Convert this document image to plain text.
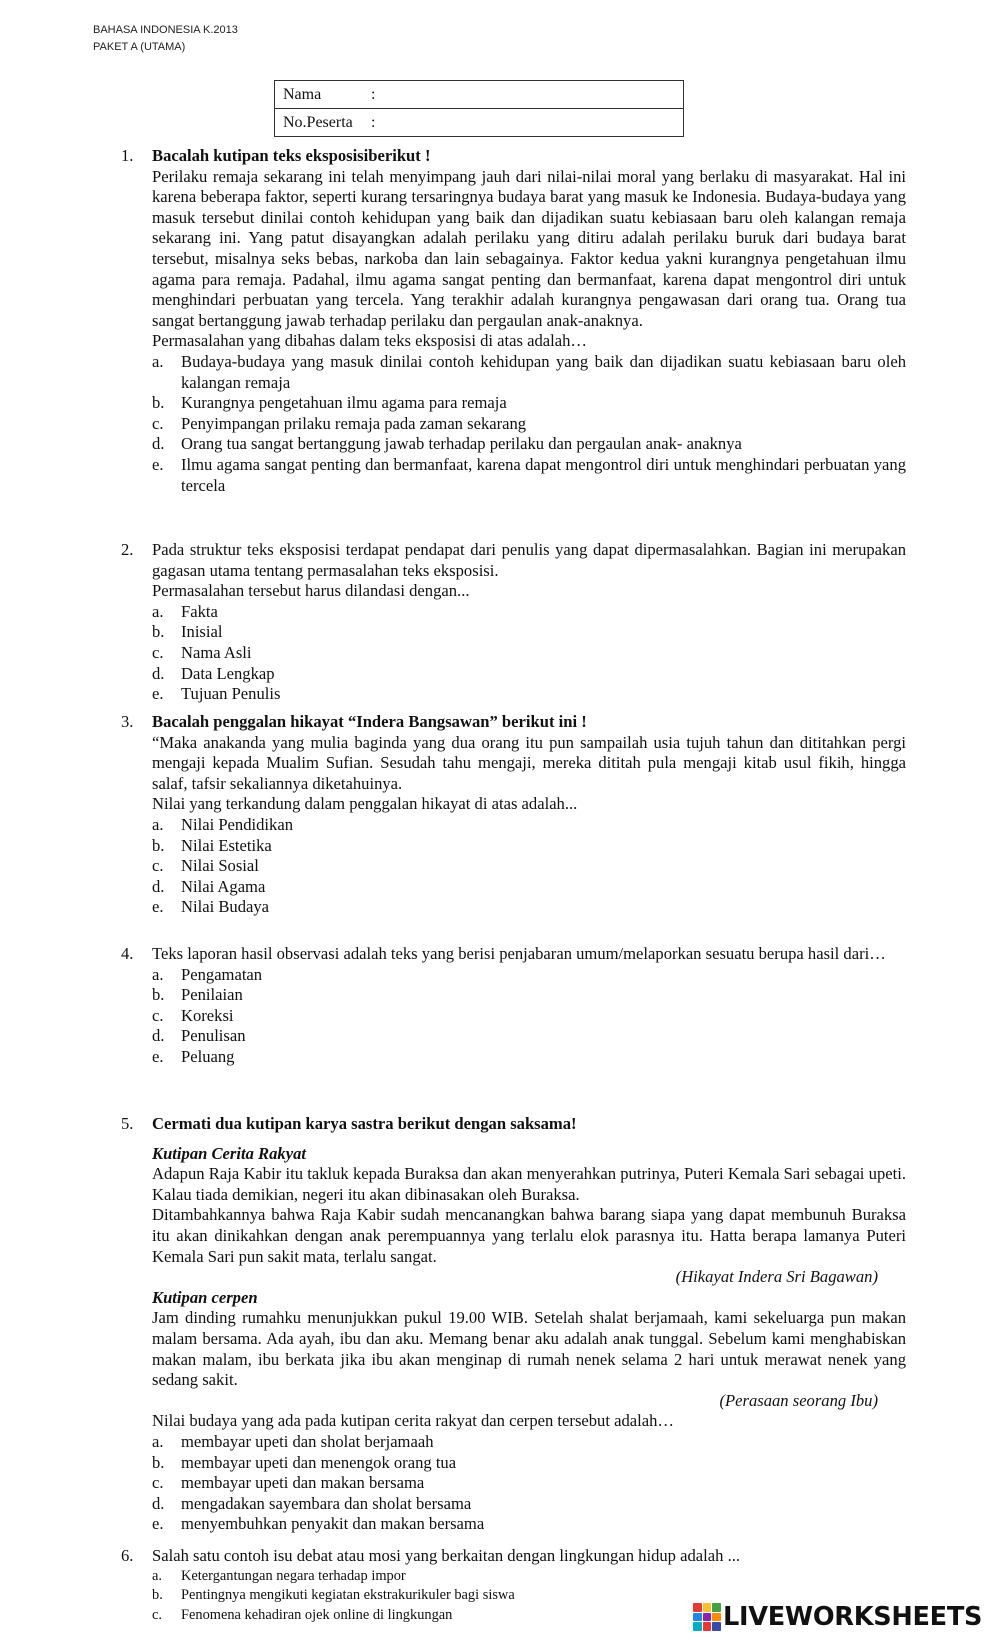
BAHASA INDONESIA K.2013
PAKET A (UTAMA)
Nama	:
No.Peserta :
1. Bacalah kutipan teks eksposisiberikut !

Perilaku remaja sekarang ini telah menyimpang jauh dari nilai-nilai moral yang berlaku di masyarakat. Hal ini karena beberapa faktor, seperti kurang tersaringnya budaya barat yang masuk ke Indonesia. Budaya-budaya yang masuk tersebut dinilai contoh kehidupan yang baik dan dijadikan suatu kebiasaan baru oleh kalangan remaja sekarang ini. Yang patut disayangkan adalah perilaku yang ditiru adalah perilaku buruk dari budaya barat tersebut, misalnya seks bebas, narkoba dan lain sebagainya. Faktor kedua yakni kurangnya pengetahuan ilmu agama para remaja. Padahal, ilmu agama sangat penting dan bermanfaat, karena dapat mengontrol diri untuk menghindari perbuatan yang tercela. Yang terakhir adalah kurangnya pengawasan dari orang tua. Orang tua sangat bertanggung jawab terhadap perilaku dan pergaulan anak-anaknya.

Permasalahan yang dibahas dalam teks eksposisi di atas adalah…

a. Budaya-budaya yang masuk dinilai contoh kehidupan yang baik dan dijadikan suatu kebiasaan baru oleh kalangan remaja
b. Kurangnya pengetahuan ilmu agama para remaja
c. Penyimpangan prilaku remaja pada zaman sekarang
d. Orang tua sangat bertanggung jawab terhadap perilaku dan pergaulan anak- anaknya
e. Ilmu agama sangat penting dan bermanfaat, karena dapat mengontrol diri untuk menghindari perbuatan yang tercela
2. Pada struktur teks eksposisi terdapat pendapat dari penulis yang dapat dipermasalahkan. Bagian ini merupakan gagasan utama tentang permasalahan teks eksposisi.

Permasalahan tersebut harus dilandasi dengan...

a. Fakta
b. Inisial
c. Nama Asli
d. Data Lengkap
e. Tujuan Penulis
3. Bacalah penggalan hikayat “Indera Bangsawan” berikut ini !

“Maka anakanda yang mulia baginda yang dua orang itu pun sampailah usia tujuh tahun dan dititahkan pergi mengaji kepada Mualim Sufian. Sesudah tahu mengaji, mereka dititah pula mengaji kitab usul fikih, hingga salaf, tafsir sekaliannya diketahuinya.

Nilai yang terkandung dalam penggalan hikayat di atas adalah...

a. Nilai Pendidikan
b. Nilai Estetika
c. Nilai Sosial
d. Nilai Agama
e. Nilai Budaya
4. Teks laporan hasil observasi adalah teks yang berisi penjabaran umum/melaporkan sesuatu berupa hasil dari…

a. Pengamatan
b. Penilaian
c. Koreksi
d. Penulisan
e. Peluang
5. Cermati dua kutipan karya sastra berikut dengan saksama!

Kutipan Cerita Rakyat

Adapun Raja Kabir itu takluk kepada Buraksa dan akan menyerahkan putrinya, Puteri Kemala Sari sebagai upeti. Kalau tiada demikian, negeri itu akan dibinasakan oleh Buraksa.

Ditambahkannya bahwa Raja Kabir sudah mencanangkan bahwa barang siapa yang dapat membunuh Buraksa itu akan dinikahkan dengan anak perempuannya yang terlalu elok parasnya itu. Hatta berapa lamanya Puteri Kemala Sari pun sakit mata, terlalu sangat.

(Hikayat Indera Sri Bagawan)

Kutipan cerpen

Jam dinding rumahku menunjukkan pukul 19.00 WIB. Setelah shalat berjamaah, kami sekeluarga pun makan malam bersama. Ada ayah, ibu dan aku. Memang benar aku adalah anak tunggal. Sebelum kami menghabiskan makan malam, ibu berkata jika ibu akan menginap di rumah nenek selama 2 hari untuk merawat nenek yang sedang sakit.

(Perasaan seorang Ibu)

Nilai budaya yang ada pada kutipan cerita rakyat dan cerpen tersebut adalah…

a. membayar upeti dan sholat berjamaah
b. membayar upeti dan menengok orang tua
c. membayar upeti dan makan bersama
d. mengadakan sayembara dan sholat bersama
e. menyembuhkan penyakit dan makan bersama
6. Salah satu contoh isu debat atau mosi yang berkaitan dengan lingkungan hidup adalah ...

a. Ketergantungan negara terhadap impor
b. Pentingnya mengikuti kegiatan ekstrakurikuler bagi siswa
c. Fenomena kehadiran ojek online di lingkungan	LIVEWORKSHEETS
